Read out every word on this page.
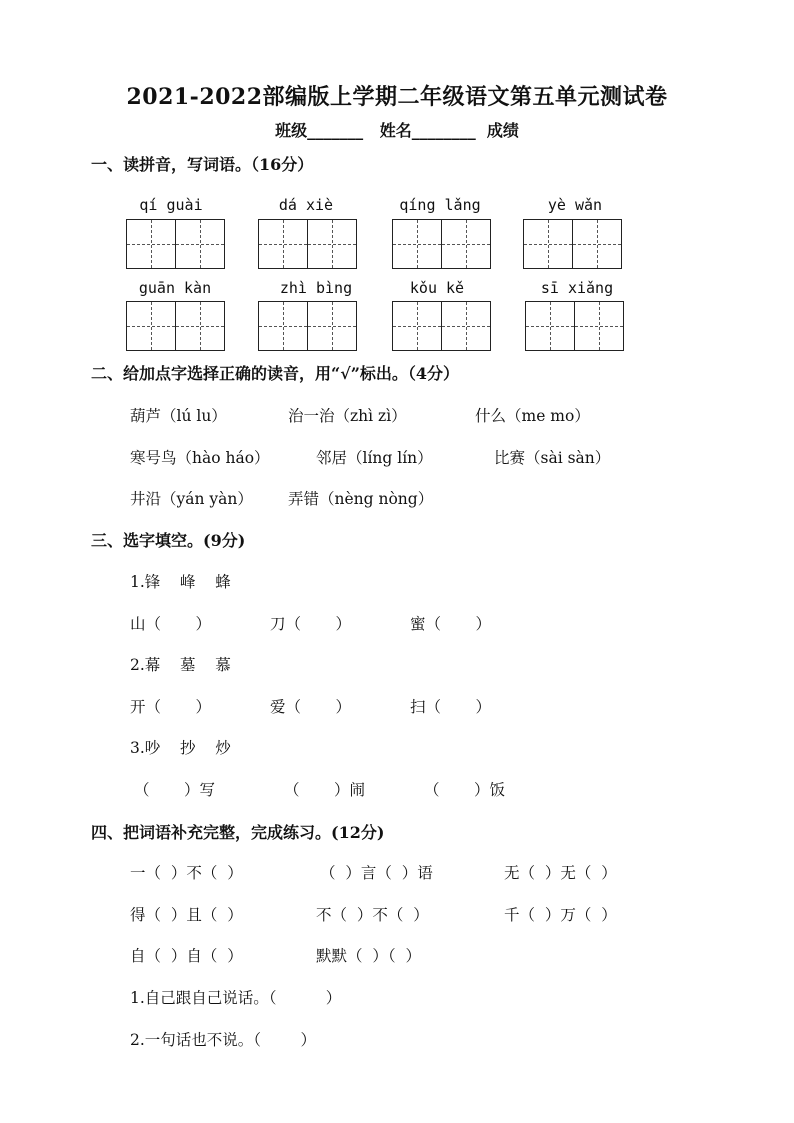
2021-2022部编版上学期二年级语文第五单元测试卷
班级_______   姓名________  成绩
一、读拼音，写词语。（16分）
qí guài	dá xiè	qíng lǎng	yè wǎn
guān kàn	zhì bìng	kǒu kě	sī xiǎng
二、给加点字选择正确的读音，用“√”标出。（4分）
葫芦（lú lu）	治一治（zhì zì）	什么（me mo）
寒号鸟（hào háo）	邻居（líng lín）	比赛（sài sàn）
井沿（yán yàn） 弄错（nèng nòng）
三、选字填空。(9分)
1.锋    峰    蜂
山（       ）	刀（       ）	蜜（       ）
2.幕    墓    慕
开（       ）	爱（       ）	扫（       ）
3.吵    抄    炒
（       ）写	（       ）闹	（       ）饭
四、把词语补充完整，完成练习。(12分)
一（  ）不（  ）	（  ）言（  ）语	无（  ）无（  ）
得（  ）且（  ）	不（  ）不（  ）	千（  ）万（  ）
自（  ）自（  ）	默默（  ）（  ）
1.自己跟自己说话。（          ）
2.一句话也不说。（        ）
